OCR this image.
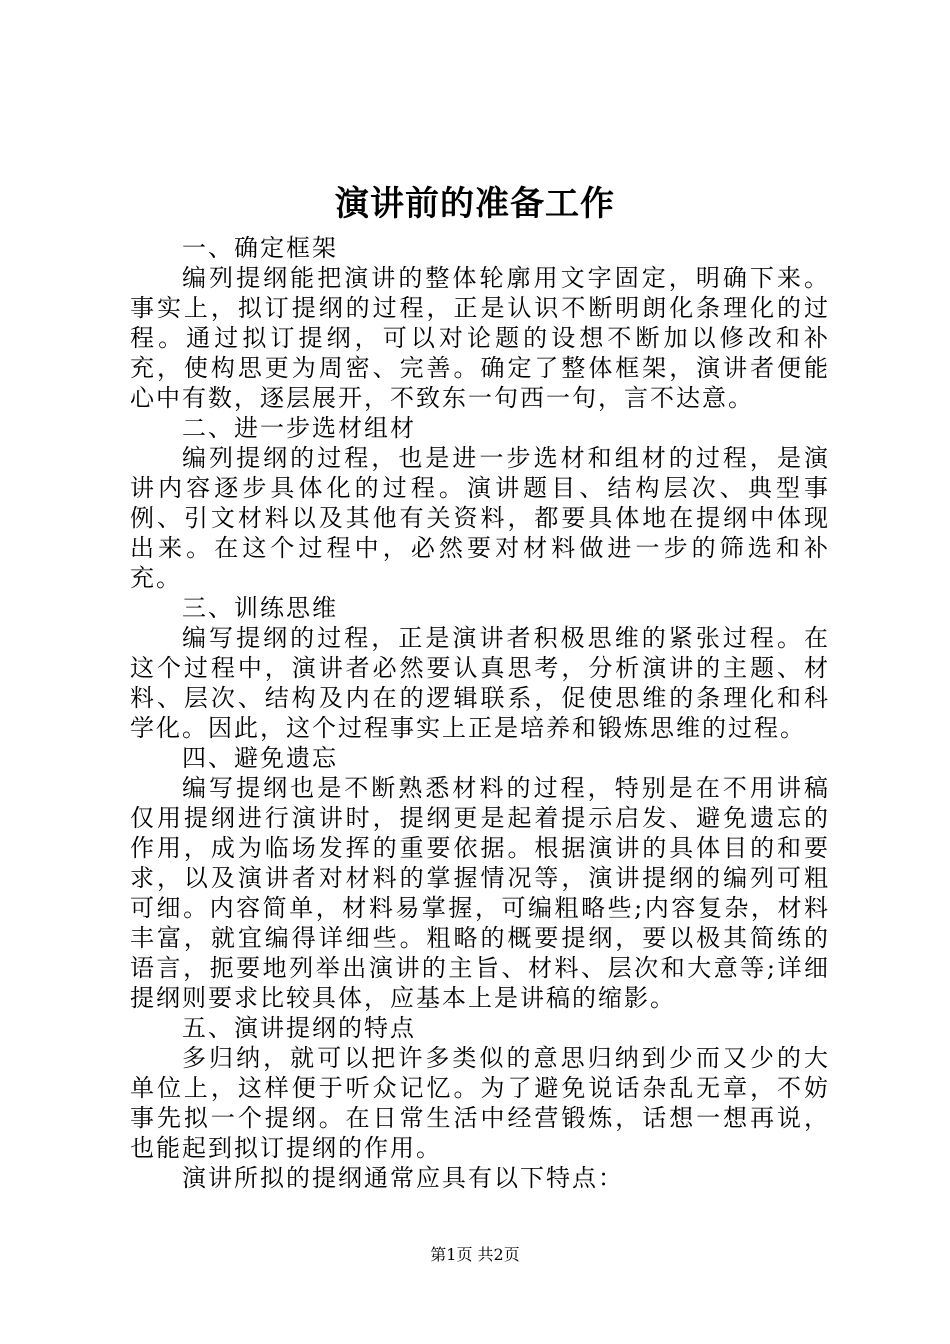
演讲前的准备工作

一、确定框架

编列提纲能把演讲的整体轮廓用文字固定，明确下来。事实上，拟订提纲的过程，正是认识不断明朗化条理化的过程。通过拟订提纲，可以对论题的设想不断加以修改和补充，使构思更为周密、完善。确定了整体框架，演讲者便能心中有数，逐层展开，不致东一句西一句，言不达意。

二、进一步选材组材

编列提纲的过程，也是进一步选材和组材的过程，是演讲内容逐步具体化的过程。演讲题目、结构层次、典型事例、引文材料以及其他有关资料，都要具体地在提纲中体现出来。在这个过程中，必然要对材料做进一步的筛选和补充。

三、训练思维

编写提纲的过程，正是演讲者积极思维的紧张过程。在这个过程中，演讲者必然要认真思考，分析演讲的主题、材料、层次、结构及内在的逻辑联系，促使思维的条理化和科学化。因此，这个过程事实上正是培养和锻炼思维的过程。

四、避免遗忘

编写提纲也是不断熟悉材料的过程，特别是在不用讲稿仅用提纲进行演讲时，提纲更是起着提示启发、避免遗忘的作用，成为临场发挥的重要依据。根据演讲的具体目的和要求，以及演讲者对材料的掌握情况等，演讲提纲的编列可粗可细。内容简单，材料易掌握，可编粗略些;内容复杂，材料丰富，就宜编得详细些。粗略的概要提纲，要以极其简练的语言，扼要地列举出演讲的主旨、材料、层次和大意等;详细提纲则要求比较具体，应基本上是讲稿的缩影。

五、演讲提纲的特点

多归纳，就可以把许多类似的意思归纳到少而又少的大单位上，这样便于听众记忆。为了避免说话杂乱无章，不妨事先拟一个提纲。在日常生活中经营锻炼，话想一想再说，也能起到拟订提纲的作用。

演讲所拟的提纲通常应具有以下特点：

第1页 共2页
